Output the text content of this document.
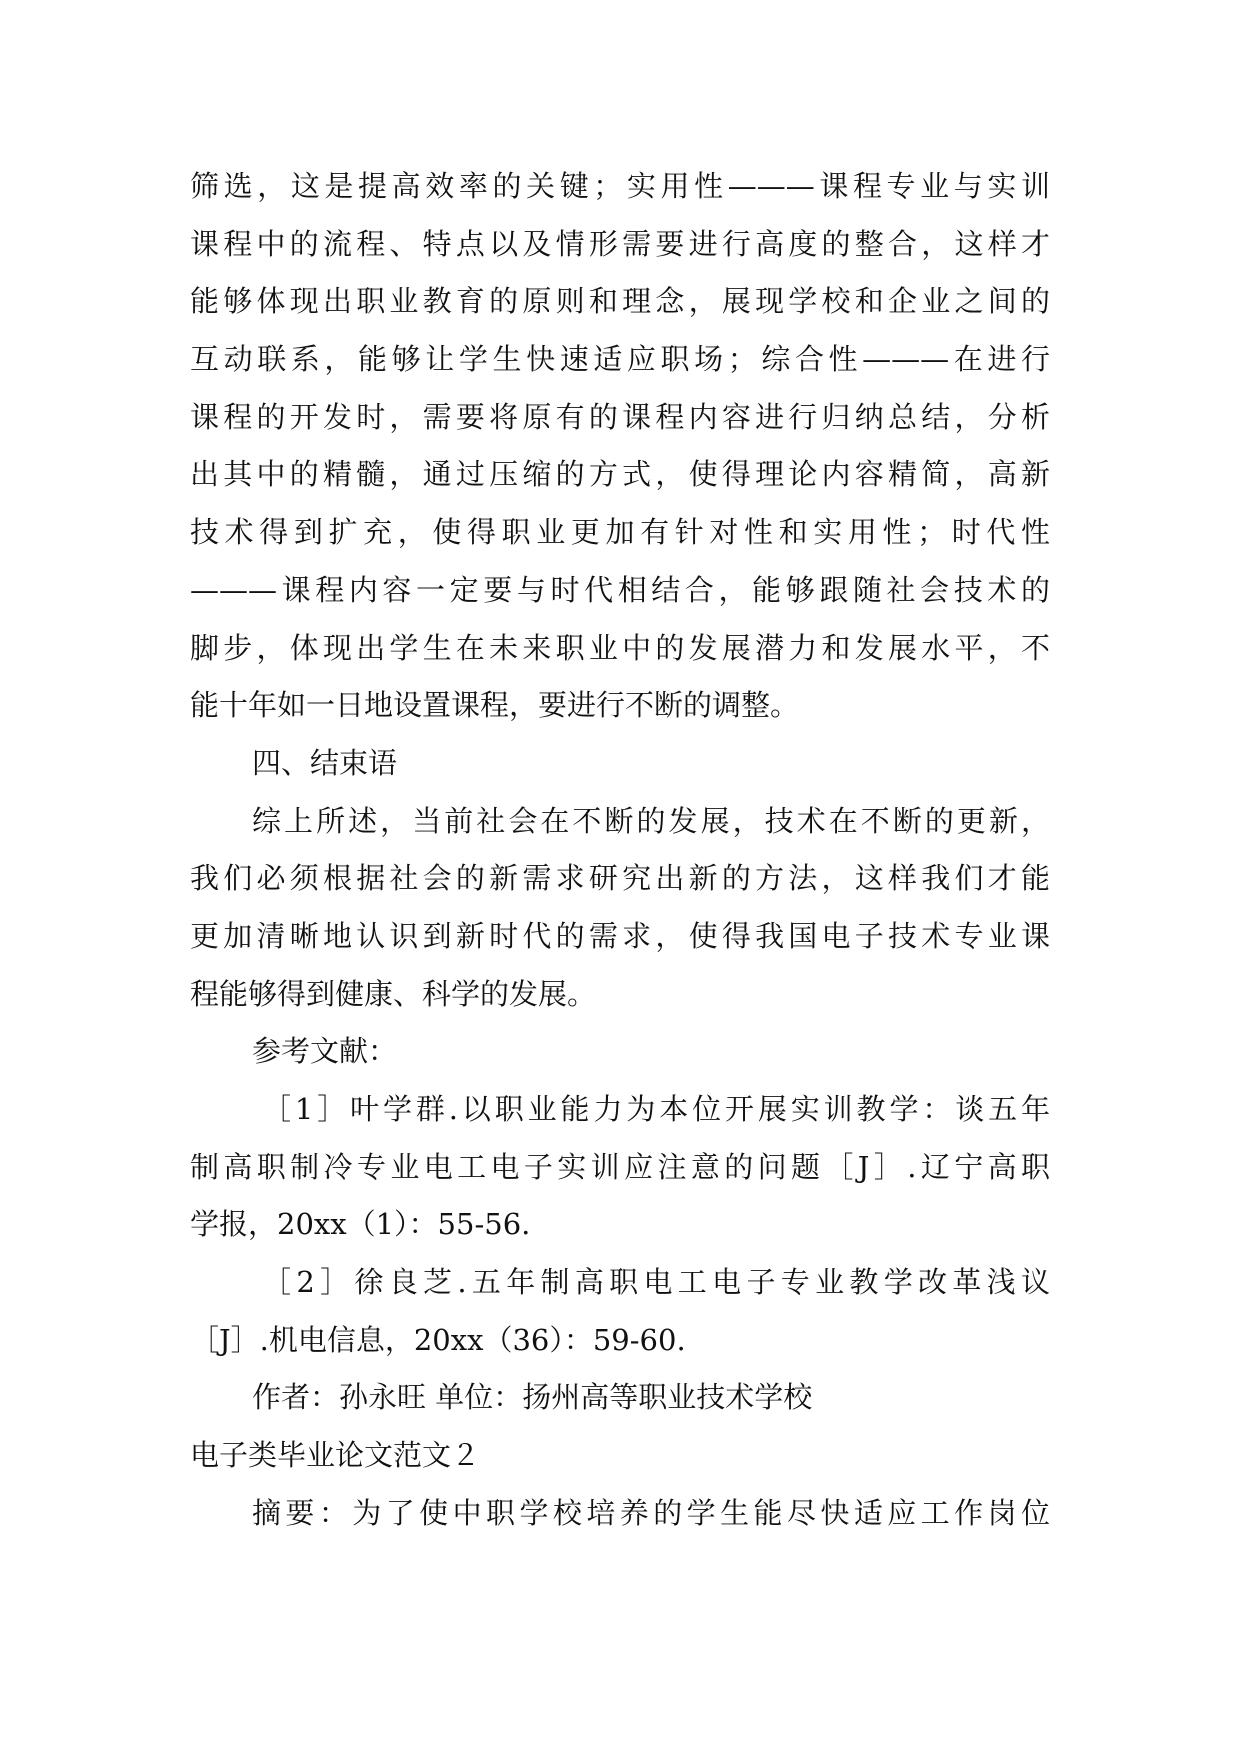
筛选，这是提高效率的关键；实用性———课程专业与实训
课程中的流程、特点以及情形需要进行高度的整合，这样才
能够体现出职业教育的原则和理念，展现学校和企业之间的
互动联系，能够让学生快速适应职场；综合性———在进行
课程的开发时，需要将原有的课程内容进行归纳总结，分析
出其中的精髓，通过压缩的方式，使得理论内容精简，高新
技术得到扩充，使得职业更加有针对性和实用性；时代性
———课程内容一定要与时代相结合，能够跟随社会技术的
脚步，体现出学生在未来职业中的发展潜力和发展水平，不
能十年如一日地设置课程，要进行不断的调整。
四、结束语
综上所述，当前社会在不断的发展，技术在不断的更新，
我们必须根据社会的新需求研究出新的方法，这样我们才能
更加清晰地认识到新时代的需求，使得我国电子技术专业课
程能够得到健康、科学的发展。
参考文献：
［1］叶学群.以职业能力为本位开展实训教学：谈五年
制高职制冷专业电工电子实训应注意的问题［J］.辽宁高职
学报，20xx（1）：55-56.
［2］徐良芝.五年制高职电工电子专业教学改革浅议
［J］.机电信息，20xx（36）：59-60.
作者：孙永旺 单位：扬州高等职业技术学校
电子类毕业论文范文２
摘要：为了使中职学校培养的学生能尽快适应工作岗位
